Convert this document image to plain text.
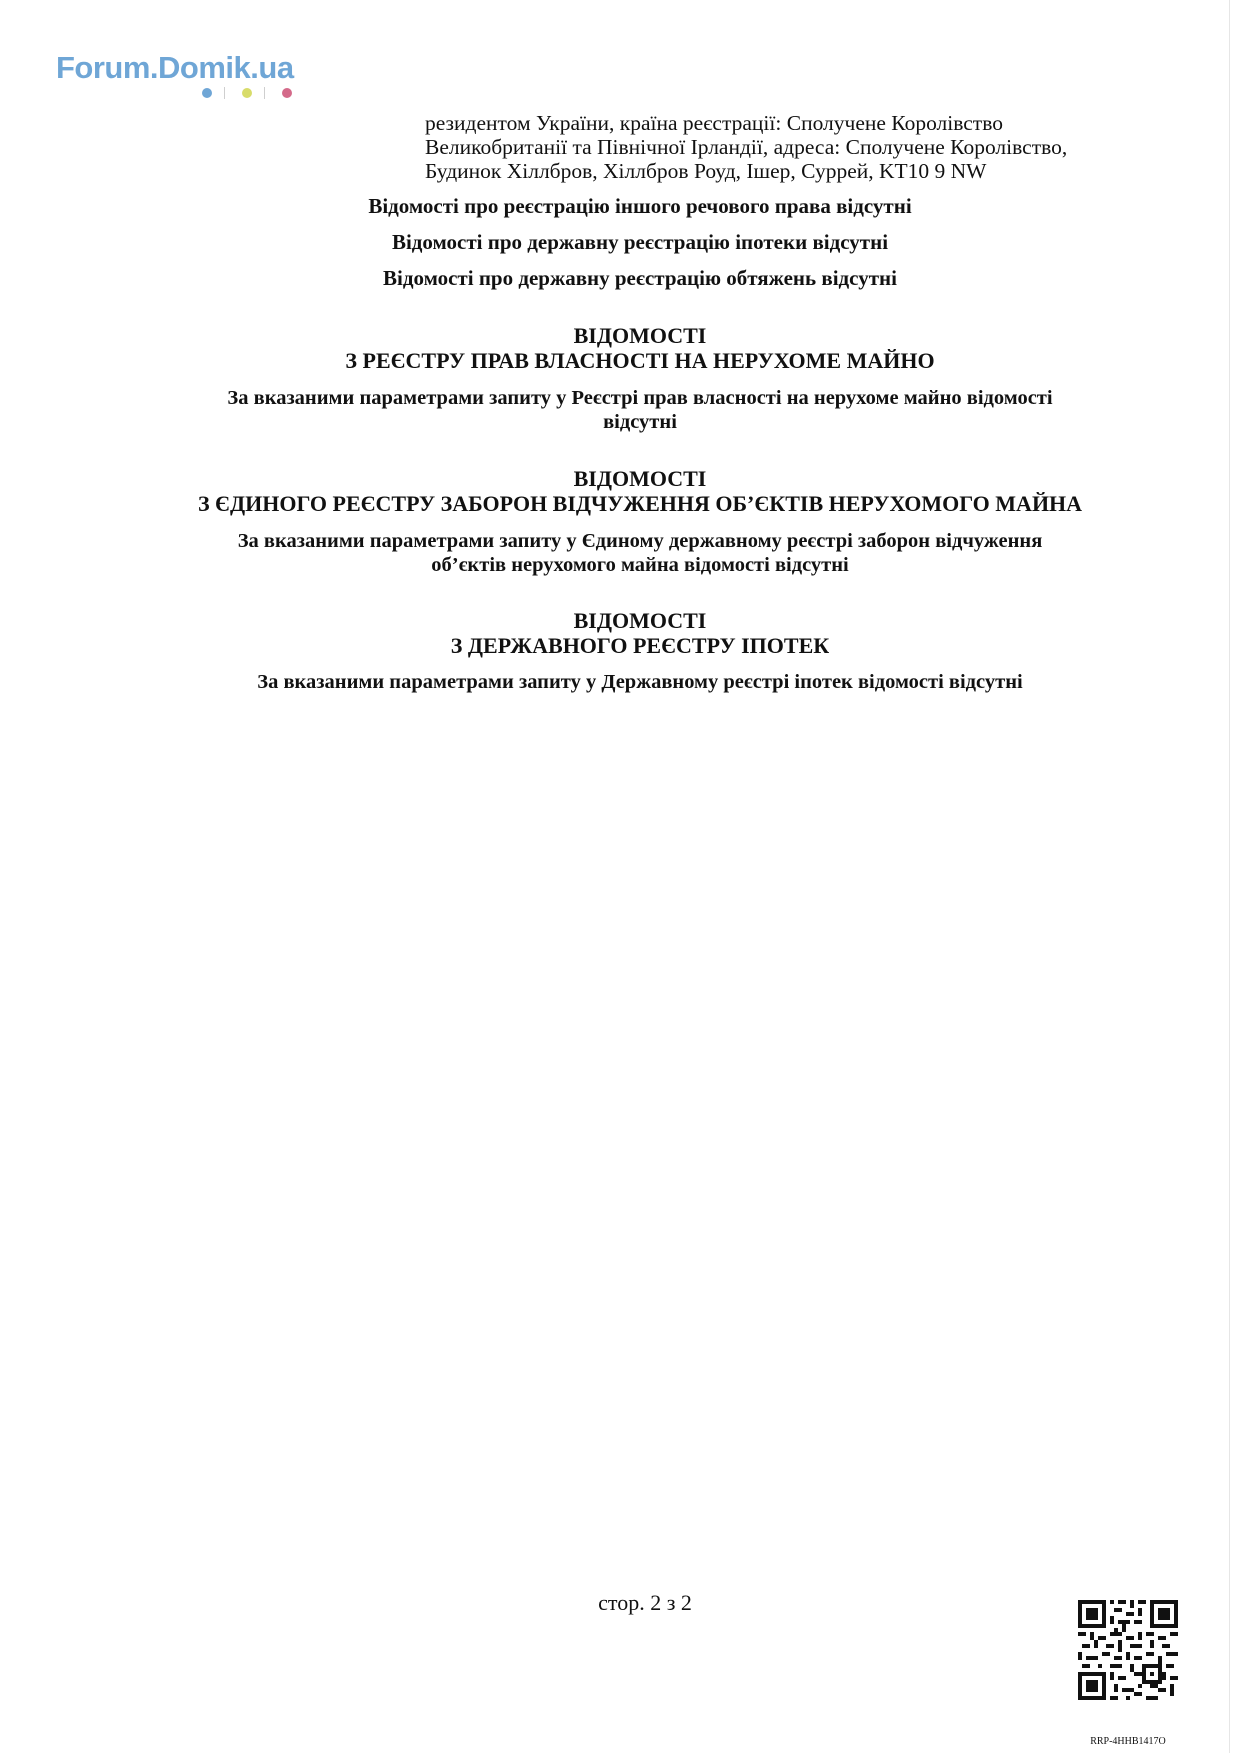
Forum.Domik.ua
резидентом України, країна реєстрації: Сполучене Королівство
Великобританії та Північної Ірландії, адреса: Сполучене Королівство,
Будинок Хіллбров, Хіллбров Роуд, Ішер, Суррей, KT10 9 NW
Відомості про реєстрацію іншого речового права відсутні
Відомості про державну реєстрацію іпотеки відсутні
Відомості про державну реєстрацію обтяжень відсутні
ВІДОМОСТІ
З РЕЄСТРУ ПРАВ ВЛАСНОСТІ НА НЕРУХОМЕ МАЙНО
За вказаними параметрами запиту у Реєстрі прав власності на нерухоме майно відомості
відсутні
ВІДОМОСТІ
З ЄДИНОГО РЕЄСТРУ ЗАБОРОН ВІДЧУЖЕННЯ ОБ’ЄКТІВ НЕРУХОМОГО МАЙНА
За вказаними параметрами запиту у Єдиному державному реєстрі заборон відчуження
об’єктів нерухомого майна відомості відсутні
ВІДОМОСТІ
З ДЕРЖАВНОГО РЕЄСТРУ ІПОТЕК
За вказаними параметрами запиту у Державному реєстрі іпотек відомості відсутні
стор. 2 з 2
RRP-4HHB1417O
